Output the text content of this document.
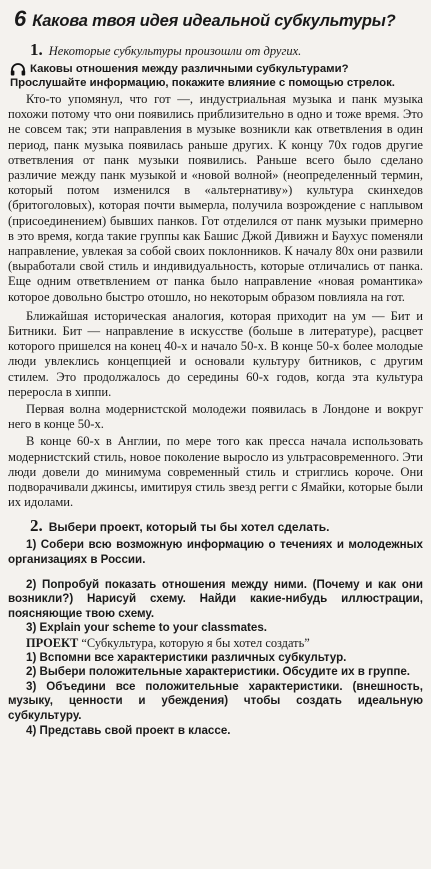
6 Какова твоя идея идеальной субкультуры?
1. Некоторые субкультуры произошли от других.
Каковы отношения между различными субкультурами?
Прослушайте информацию, покажите влияние с помощью стрелок.

Кто-то упомянул, что гот —, индустриальная музыка и панк музыка похожи потому что они появились приблизительно в одно и тоже время. Это не совсем так; эти направления в музыке возникли как ответвления в один период, панк музыка появилась раньше других. К концу 70х годов другие ответвления от панк музыки появились. Раньше всего было сделано различие между панк музыкой и «новой волной» (неопределенный термин, который потом изменился в «альтернативу») культура скинхедов (бритоголовых), которая почти вымерла, получила возрождение с наплывом (присоединением) бывших панков. Гот отделился от панк музыки примерно в это время, когда такие группы как Башис Джой Дивижн и Баухус поменяли направление, увлекая за собой своих поклонников. К началу 80х они развили (выработали свой стиль и индивидуальность, которые отличались от панка. Еще одним ответвлением от панка было направление «новая романтика» которое довольно быстро отошло, но некоторым образом повлияла на гот.

Ближайшая историческая аналогия, которая приходит на ум — Бит и Битники. Бит — направление в искусстве (больше в литературе), расцвет которого пришелся на конец 40-х и начало 50-х. В конце 50-х более молодые люди увлеклись концепцией и основали культуру битников, с другим стилем. Это продолжалось до середины 60-х годов, когда эта культура переросла в хиппи.

Первая волна модернистской молодежи появилась в Лондоне и вокруг него в конце 50-х.

В конце 60-х в Англии, по мере того как пресса начала использовать модернистский стиль, новое поколение выросло из ультрасовременного. Эти люди довели до минимума современный стиль и стриглись короче. Они подворачивали джинсы, имитируя стиль звезд регги с Ямайки, которые были их идолами.

2. Выбери проект, который ты бы хотел сделать.

1) Собери всю возможную информацию о течениях и молодежных организациях в России.

2) Попробуй показать отношения между ними. (Почему и как они возникли?) Нарисуй схему. Найди какие-нибудь иллюстрации, поясняющие твою схему.

3) Explain your scheme to your classmates.

ПРОЕКТ “Субкультура, которую я бы хотел создать”

1) Вспомни все характеристики различных субкультур.

2) Выбери положительные характеристики. Обсудите их в группе.

3) Объедини все положительные характеристики. (внешность, музыку, ценности и убеждения) чтобы создать идеальную субкультуру.

4) Представь свой проект в классе.
